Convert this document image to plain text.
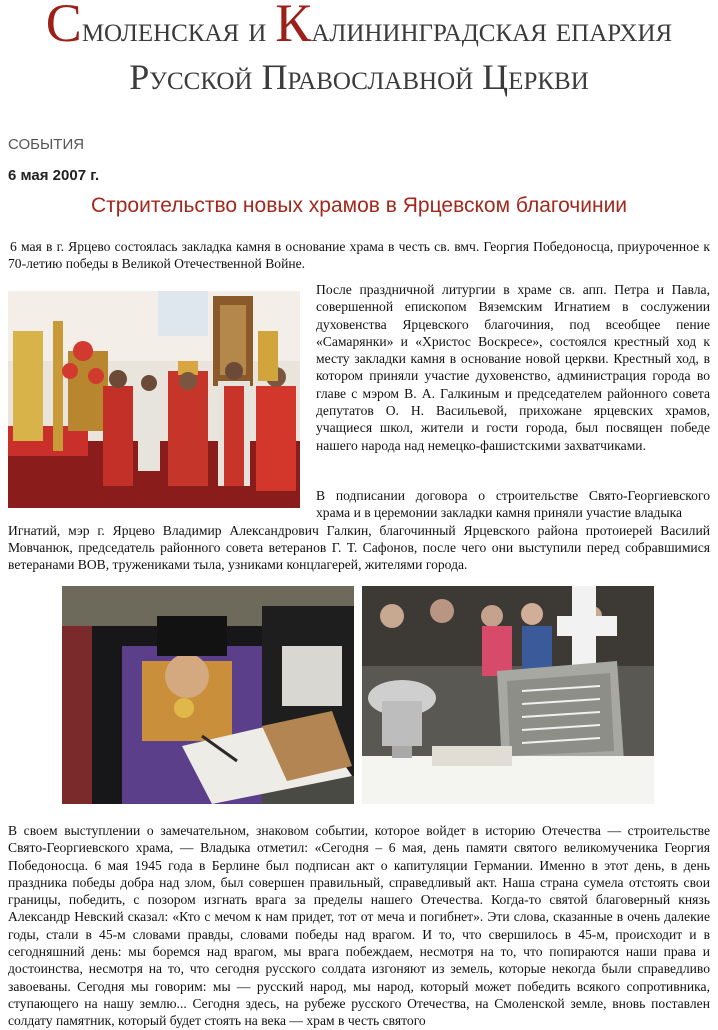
Смоленская и Калининградская епархия
Русской Православной Церкви
СОБЫТИЯ
6 мая 2007 г.
Строительство новых храмов в Ярцевском благочинии

6 мая в г. Ярцево состоялась закладка камня в основание храма в честь св. вмч. Георгия Победоносца, приуроченное к 70-летию победы в Великой Отечественной Войне.

После праздничной литургии в храме св. апп. Петра и Павла, совершенной епископом Вяземским Игнатием в сослужении духовенства Ярцевского благочиния, под всеобщее пение «Самарянки» и «Христос Воскресе», состоялся крестный ход к месту закладки камня в основание новой церкви. Крестный ход, в котором приняли участие духовенство, администрация города во главе с мэром В. А. Галкиным и председателем районного совета депутатов О. Н. Васильевой, прихожане ярцевских храмов, учащиеся школ, жители и гости города, был посвящен победе нашего народа над немецко-фашистскими захватчиками.

В подписании договора о строительстве Свято-Георгиевского храма и в церемонии закладки камня приняли участие владыка
Игнатий, мэр г. Ярцево Владимир Александрович Галкин, благочинный Ярцевского района протоиерей Василий Мовчанюк, председатель районного совета ветеранов Г. Т. Сафонов, после чего они выступили перед собравшимися ветеранами ВОВ, тружениками тыла, узниками концлагерей, жителями города.

В своем выступлении о замечательном, знаковом событии, которое войдет в историю Отечества — строительстве Свято-Георгиевского храма, — Владыка отметил: «Сегодня – 6 мая, день памяти святого великомученика Георгия Победоносца. 6 мая 1945 года в Берлине был подписан акт о капитуляции Германии. Именно в этот день, в день праздника победы добра над злом, был совершен правильный, справедливый акт. Наша страна сумела отстоять свои границы, победить, с позором изгнать врага за пределы нашего Отечества. Когда-то святой благоверный князь Александр Невский сказал: «Кто с мечом к нам придет, тот от меча и погибнет». Эти слова, сказанные в очень далекие годы, стали в 45-м словами правды, словами победы над врагом. И то, что свершилось в 45-м, происходит и в сегодняшний день: мы боремся над врагом, мы врага побеждаем, несмотря на то, что попираются наши права и достоинства, несмотря на то, что сегодня русского солдата изгоняют из земель, которые некогда были справедливо завоеваны. Сегодня мы говорим: мы — русский народ, мы народ, который может победить всякого сопротивника, ступающего на нашу землю... Сегодня здесь, на рубеже русского Отечества, на Смоленской земле, вновь поставлен солдату памятник, который будет стоять на века — храм в честь святого
